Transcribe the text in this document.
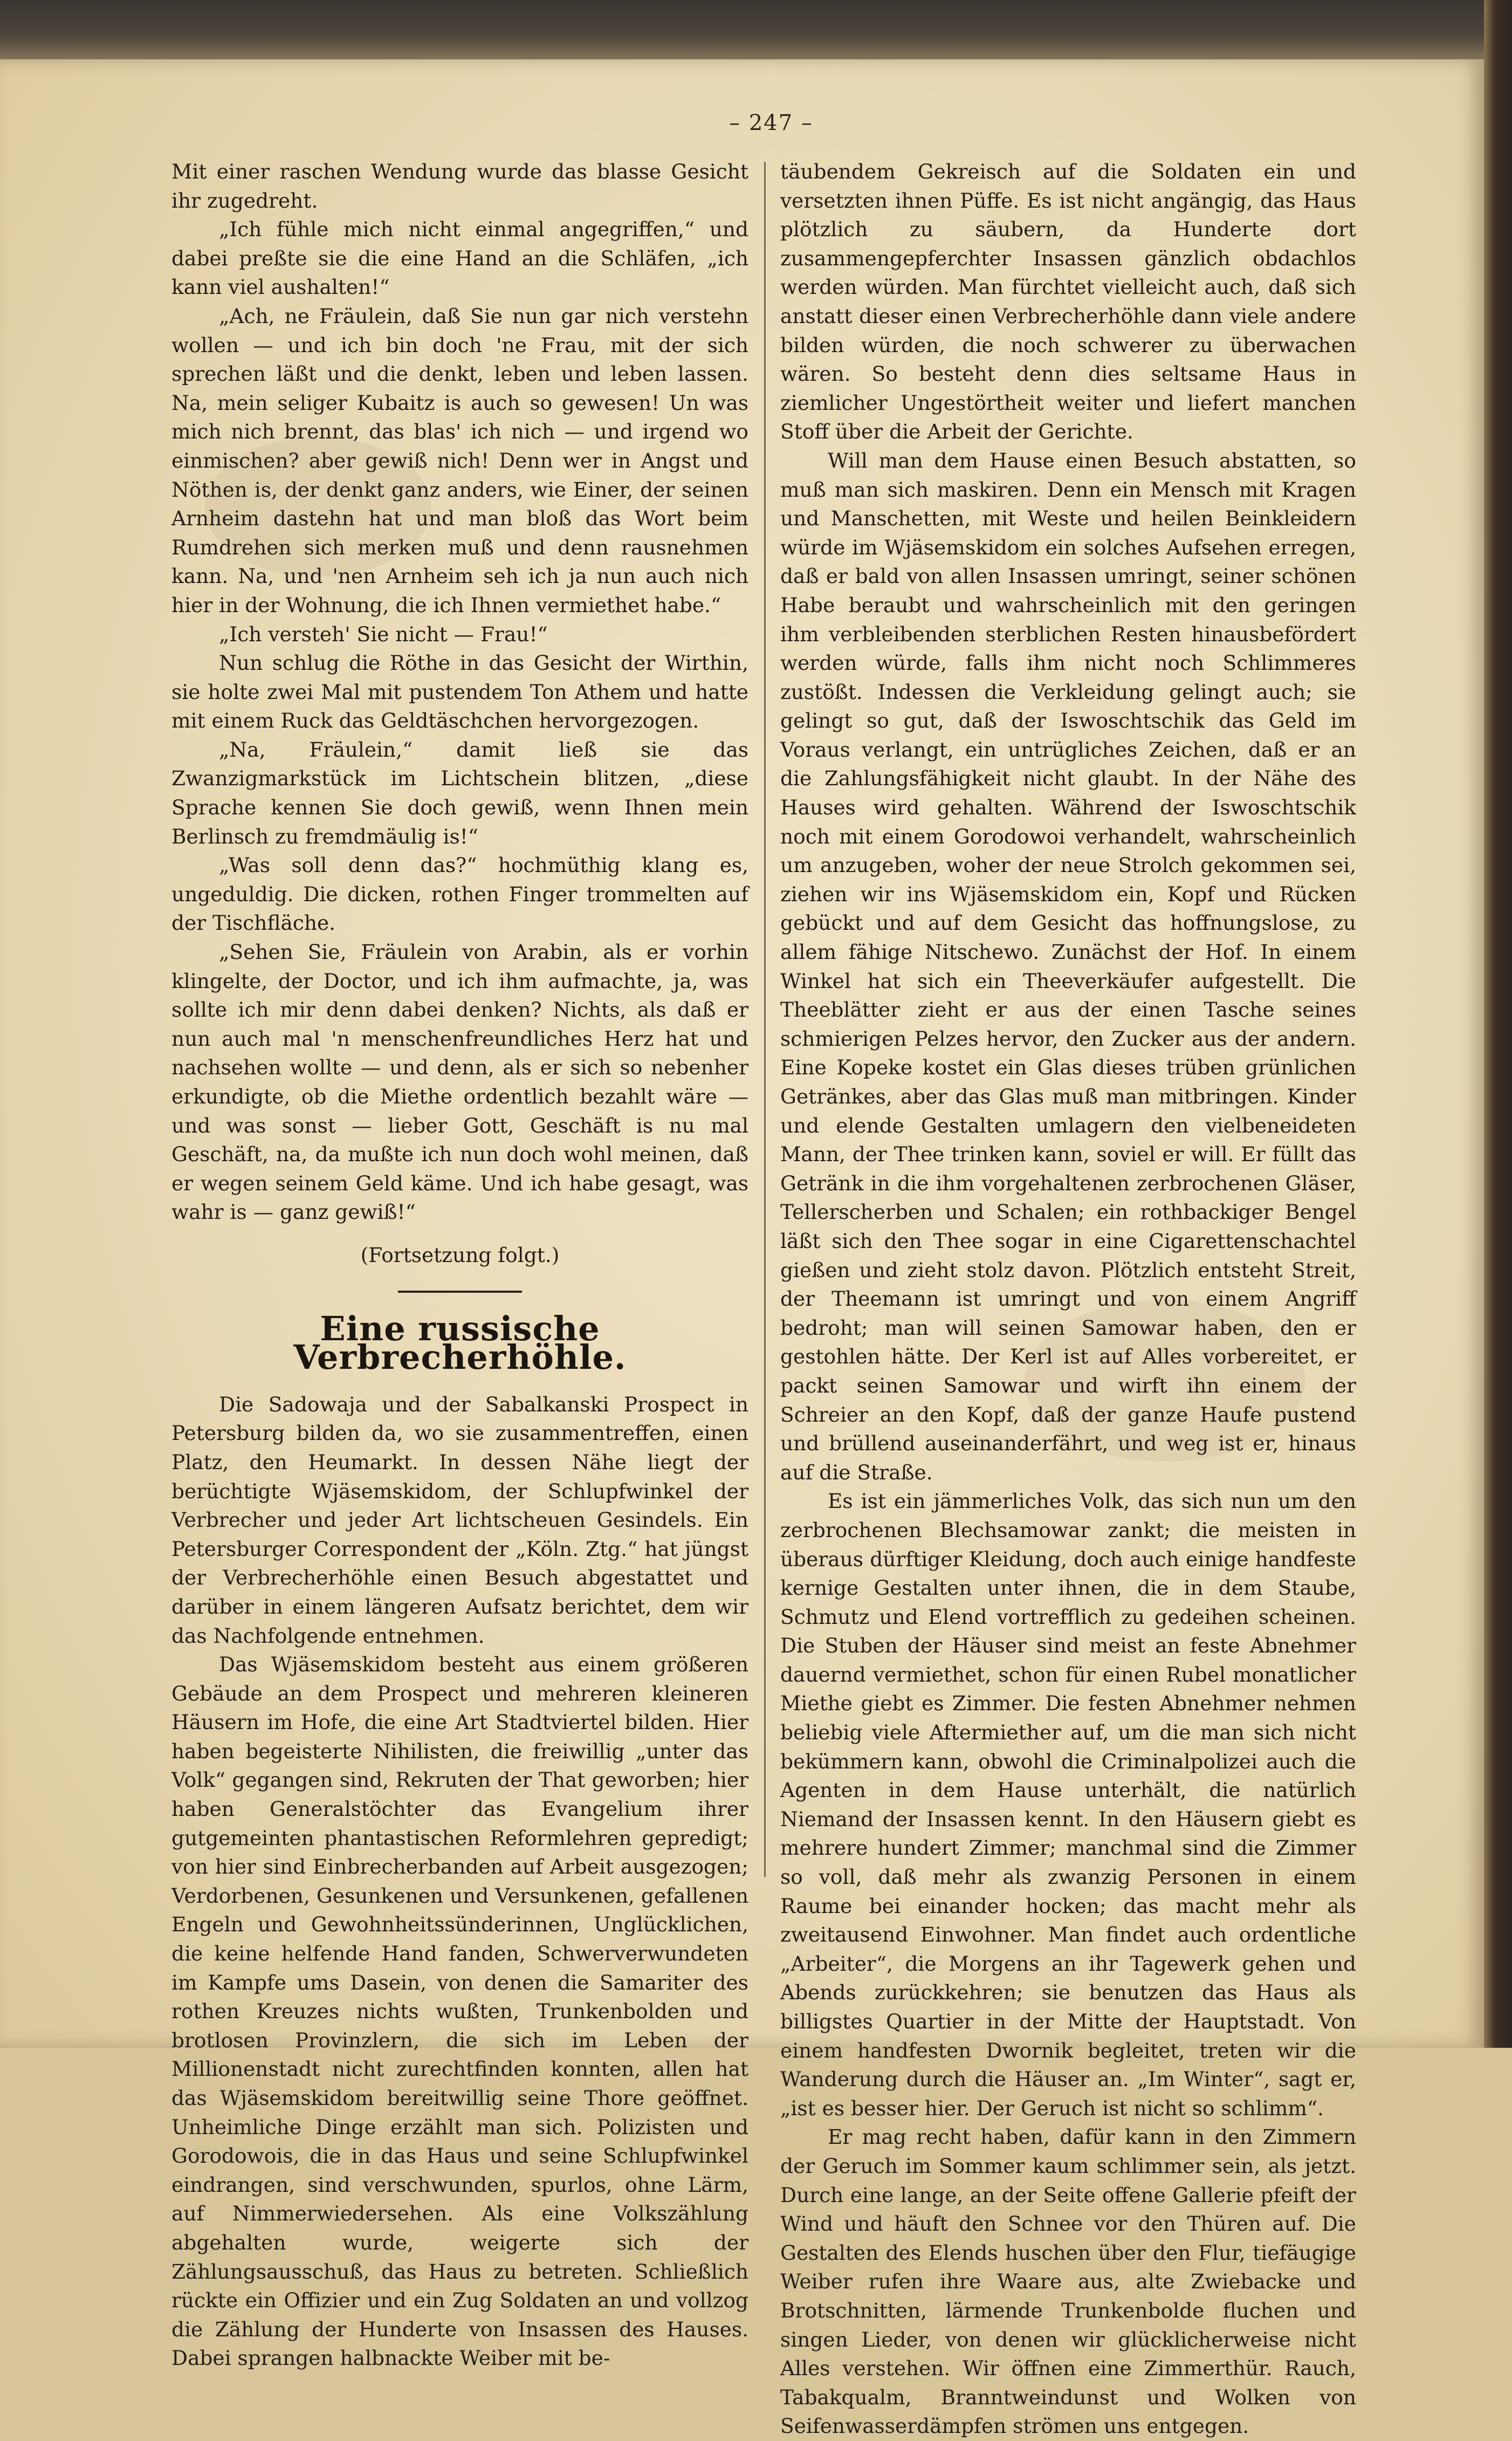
– 247 –

Mit einer raschen Wendung wurde das blasse Gesicht ihr zugedreht.

„Ich fühle mich nicht einmal angegriffen,“ und dabei preßte sie die eine Hand an die Schläfen, „ich kann viel aushalten!“

„Ach, ne Fräulein, daß Sie nun gar nich verstehn wollen — und ich bin doch 'ne Frau, mit der sich sprechen läßt und die denkt, leben und leben lassen. Na, mein seliger Kubaitz is auch so gewesen! Un was mich nich brennt, das blas' ich nich — und irgend wo einmischen? aber gewiß nich! Denn wer in Angst und Nöthen is, der denkt ganz anders, wie Einer, der seinen Arnheim dastehn hat und man bloß das Wort beim Rumdrehen sich merken muß und denn rausnehmen kann. Na, und 'nen Arnheim seh ich ja nun auch nich hier in der Wohnung, die ich Ihnen vermiethet habe.“

„Ich versteh' Sie nicht — Frau!“

Nun schlug die Röthe in das Gesicht der Wirthin, sie holte zwei Mal mit pustendem Ton Athem und hatte mit einem Ruck das Geldtäschchen hervorgezogen.

„Na, Fräulein,“ damit ließ sie das Zwanzigmarkstück im Lichtschein blitzen, „diese Sprache kennen Sie doch gewiß, wenn Ihnen mein Berlinsch zu fremdmäulig is!“

„Was soll denn das?“ hochmüthig klang es, ungeduldig. Die dicken, rothen Finger trommelten auf der Tischfläche.

„Sehen Sie, Fräulein von Arabin, als er vorhin klingelte, der Doctor, und ich ihm aufmachte, ja, was sollte ich mir denn dabei denken? Nichts, als daß er nun auch mal 'n menschenfreundliches Herz hat und nachsehen wollte — und denn, als er sich so nebenher erkundigte, ob die Miethe ordentlich bezahlt wäre — und was sonst — lieber Gott, Geschäft is nu mal Geschäft, na, da mußte ich nun doch wohl meinen, daß er wegen seinem Geld käme. Und ich habe gesagt, was wahr is — ganz gewiß!“

(Fortsetzung folgt.)

Eine russische Verbrecherhöhle.

Die Sadowaja und der Sabalkanski Prospect in Petersburg bilden da, wo sie zusammentreffen, einen Platz, den Heumarkt. In dessen Nähe liegt der berüchtigte Wjäsemskidom, der Schlupfwinkel der Verbrecher und jeder Art lichtscheuen Gesindels. Ein Petersburger Correspondent der „Köln. Ztg.“ hat jüngst der Verbrecherhöhle einen Besuch abgestattet und darüber in einem längeren Aufsatz berichtet, dem wir das Nachfolgende entnehmen.

Das Wjäsemskidom besteht aus einem größeren Gebäude an dem Prospect und mehreren kleineren Häusern im Hofe, die eine Art Stadtviertel bilden. Hier haben begeisterte Nihilisten, die freiwillig „unter das Volk“ gegangen sind, Rekruten der That geworben; hier haben Generalstöchter das Evangelium ihrer gutgemeinten phantastischen Reformlehren gepredigt; von hier sind Einbrecherbanden auf Arbeit ausgezogen; Verdorbenen, Gesunkenen und Versunkenen, gefallenen Engeln und Gewohnheitssünderinnen, Unglücklichen, die keine helfende Hand fanden, Schwerverwundeten im Kampfe ums Dasein, von denen die Samariter des rothen Kreuzes nichts wußten, Trunkenbolden und brotlosen Provinzlern, die sich im Leben der Millionenstadt nicht zurechtfinden konnten, allen hat das Wjäsemskidom bereitwillig seine Thore geöffnet. Unheimliche Dinge erzählt man sich. Polizisten und Gorodowois, die in das Haus und seine Schlupfwinkel eindrangen, sind verschwunden, spurlos, ohne Lärm, auf Nimmerwiedersehen. Als eine Volkszählung abgehalten wurde, weigerte sich der Zählungsausschuß, das Haus zu betreten. Schließlich rückte ein Offizier und ein Zug Soldaten an und vollzog die Zählung der Hunderte von Insassen des Hauses. Dabei sprangen halbnackte Weiber mit be-

täubendem Gekreisch auf die Soldaten ein und versetzten ihnen Püffe. Es ist nicht angängig, das Haus plötzlich zu säubern, da Hunderte dort zusammengepferchter Insassen gänzlich obdachlos werden würden. Man fürchtet vielleicht auch, daß sich anstatt dieser einen Verbrecherhöhle dann viele andere bilden würden, die noch schwerer zu überwachen wären. So besteht denn dies seltsame Haus in ziemlicher Ungestörtheit weiter und liefert manchen Stoff über die Arbeit der Gerichte.

Will man dem Hause einen Besuch abstatten, so muß man sich maskiren. Denn ein Mensch mit Kragen und Manschetten, mit Weste und heilen Beinkleidern würde im Wjäsemskidom ein solches Aufsehen erregen, daß er bald von allen Insassen umringt, seiner schönen Habe beraubt und wahrscheinlich mit den geringen ihm verbleibenden sterblichen Resten hinausbefördert werden würde, falls ihm nicht noch Schlimmeres zustößt. Indessen die Verkleidung gelingt auch; sie gelingt so gut, daß der Iswoschtschik das Geld im Voraus verlangt, ein untrügliches Zeichen, daß er an die Zahlungsfähigkeit nicht glaubt. In der Nähe des Hauses wird gehalten. Während der Iswoschtschik noch mit einem Gorodowoi verhandelt, wahrscheinlich um anzugeben, woher der neue Strolch gekommen sei, ziehen wir ins Wjäsemskidom ein, Kopf und Rücken gebückt und auf dem Gesicht das hoffnungslose, zu allem fähige Nitschewo. Zunächst der Hof. In einem Winkel hat sich ein Theeverkäufer aufgestellt. Die Theeblätter zieht er aus der einen Tasche seines schmierigen Pelzes hervor, den Zucker aus der andern. Eine Kopeke kostet ein Glas dieses trüben grünlichen Getränkes, aber das Glas muß man mitbringen. Kinder und elende Gestalten umlagern den vielbeneideten Mann, der Thee trinken kann, soviel er will. Er füllt das Getränk in die ihm vorgehaltenen zerbrochenen Gläser, Tellerscherben und Schalen; ein rothbackiger Bengel läßt sich den Thee sogar in eine Cigarettenschachtel gießen und zieht stolz davon. Plötzlich entsteht Streit, der Theemann ist umringt und von einem Angriff bedroht; man will seinen Samowar haben, den er gestohlen hätte. Der Kerl ist auf Alles vorbereitet, er packt seinen Samowar und wirft ihn einem der Schreier an den Kopf, daß der ganze Haufe pustend und brüllend auseinanderfährt, und weg ist er, hinaus auf die Straße.

Es ist ein jämmerliches Volk, das sich nun um den zerbrochenen Blechsamowar zankt; die meisten in überaus dürftiger Kleidung, doch auch einige handfeste kernige Gestalten unter ihnen, die in dem Staube, Schmutz und Elend vortrefflich zu gedeihen scheinen. Die Stuben der Häuser sind meist an feste Abnehmer dauernd vermiethet, schon für einen Rubel monatlicher Miethe giebt es Zimmer. Die festen Abnehmer nehmen beliebig viele Aftermiether auf, um die man sich nicht bekümmern kann, obwohl die Criminalpolizei auch die Agenten in dem Hause unterhält, die natürlich Niemand der Insassen kennt. In den Häusern giebt es mehrere hundert Zimmer; manchmal sind die Zimmer so voll, daß mehr als zwanzig Personen in einem Raume bei einander hocken; das macht mehr als zweitausend Einwohner. Man findet auch ordentliche „Arbeiter“, die Morgens an ihr Tagewerk gehen und Abends zurückkehren; sie benutzen das Haus als billigstes Quartier in der Mitte der Hauptstadt. Von einem handfesten Dwornik begleitet, treten wir die Wanderung durch die Häuser an. „Im Winter“, sagt er, „ist es besser hier. Der Geruch ist nicht so schlimm“.

Er mag recht haben, dafür kann in den Zimmern der Geruch im Sommer kaum schlimmer sein, als jetzt. Durch eine lange, an der Seite offene Gallerie pfeift der Wind und häuft den Schnee vor den Thüren auf. Die Gestalten des Elends huschen über den Flur, tiefäugige Weiber rufen ihre Waare aus, alte Zwiebacke und Brotschnitten, lärmende Trunkenbolde fluchen und singen Lieder, von denen wir glücklicherweise nicht Alles verstehen. Wir öffnen eine Zimmerthür. Rauch, Tabakqualm, Branntweindunst und Wolken von Seifenwasserdämpfen strömen uns entgegen.
